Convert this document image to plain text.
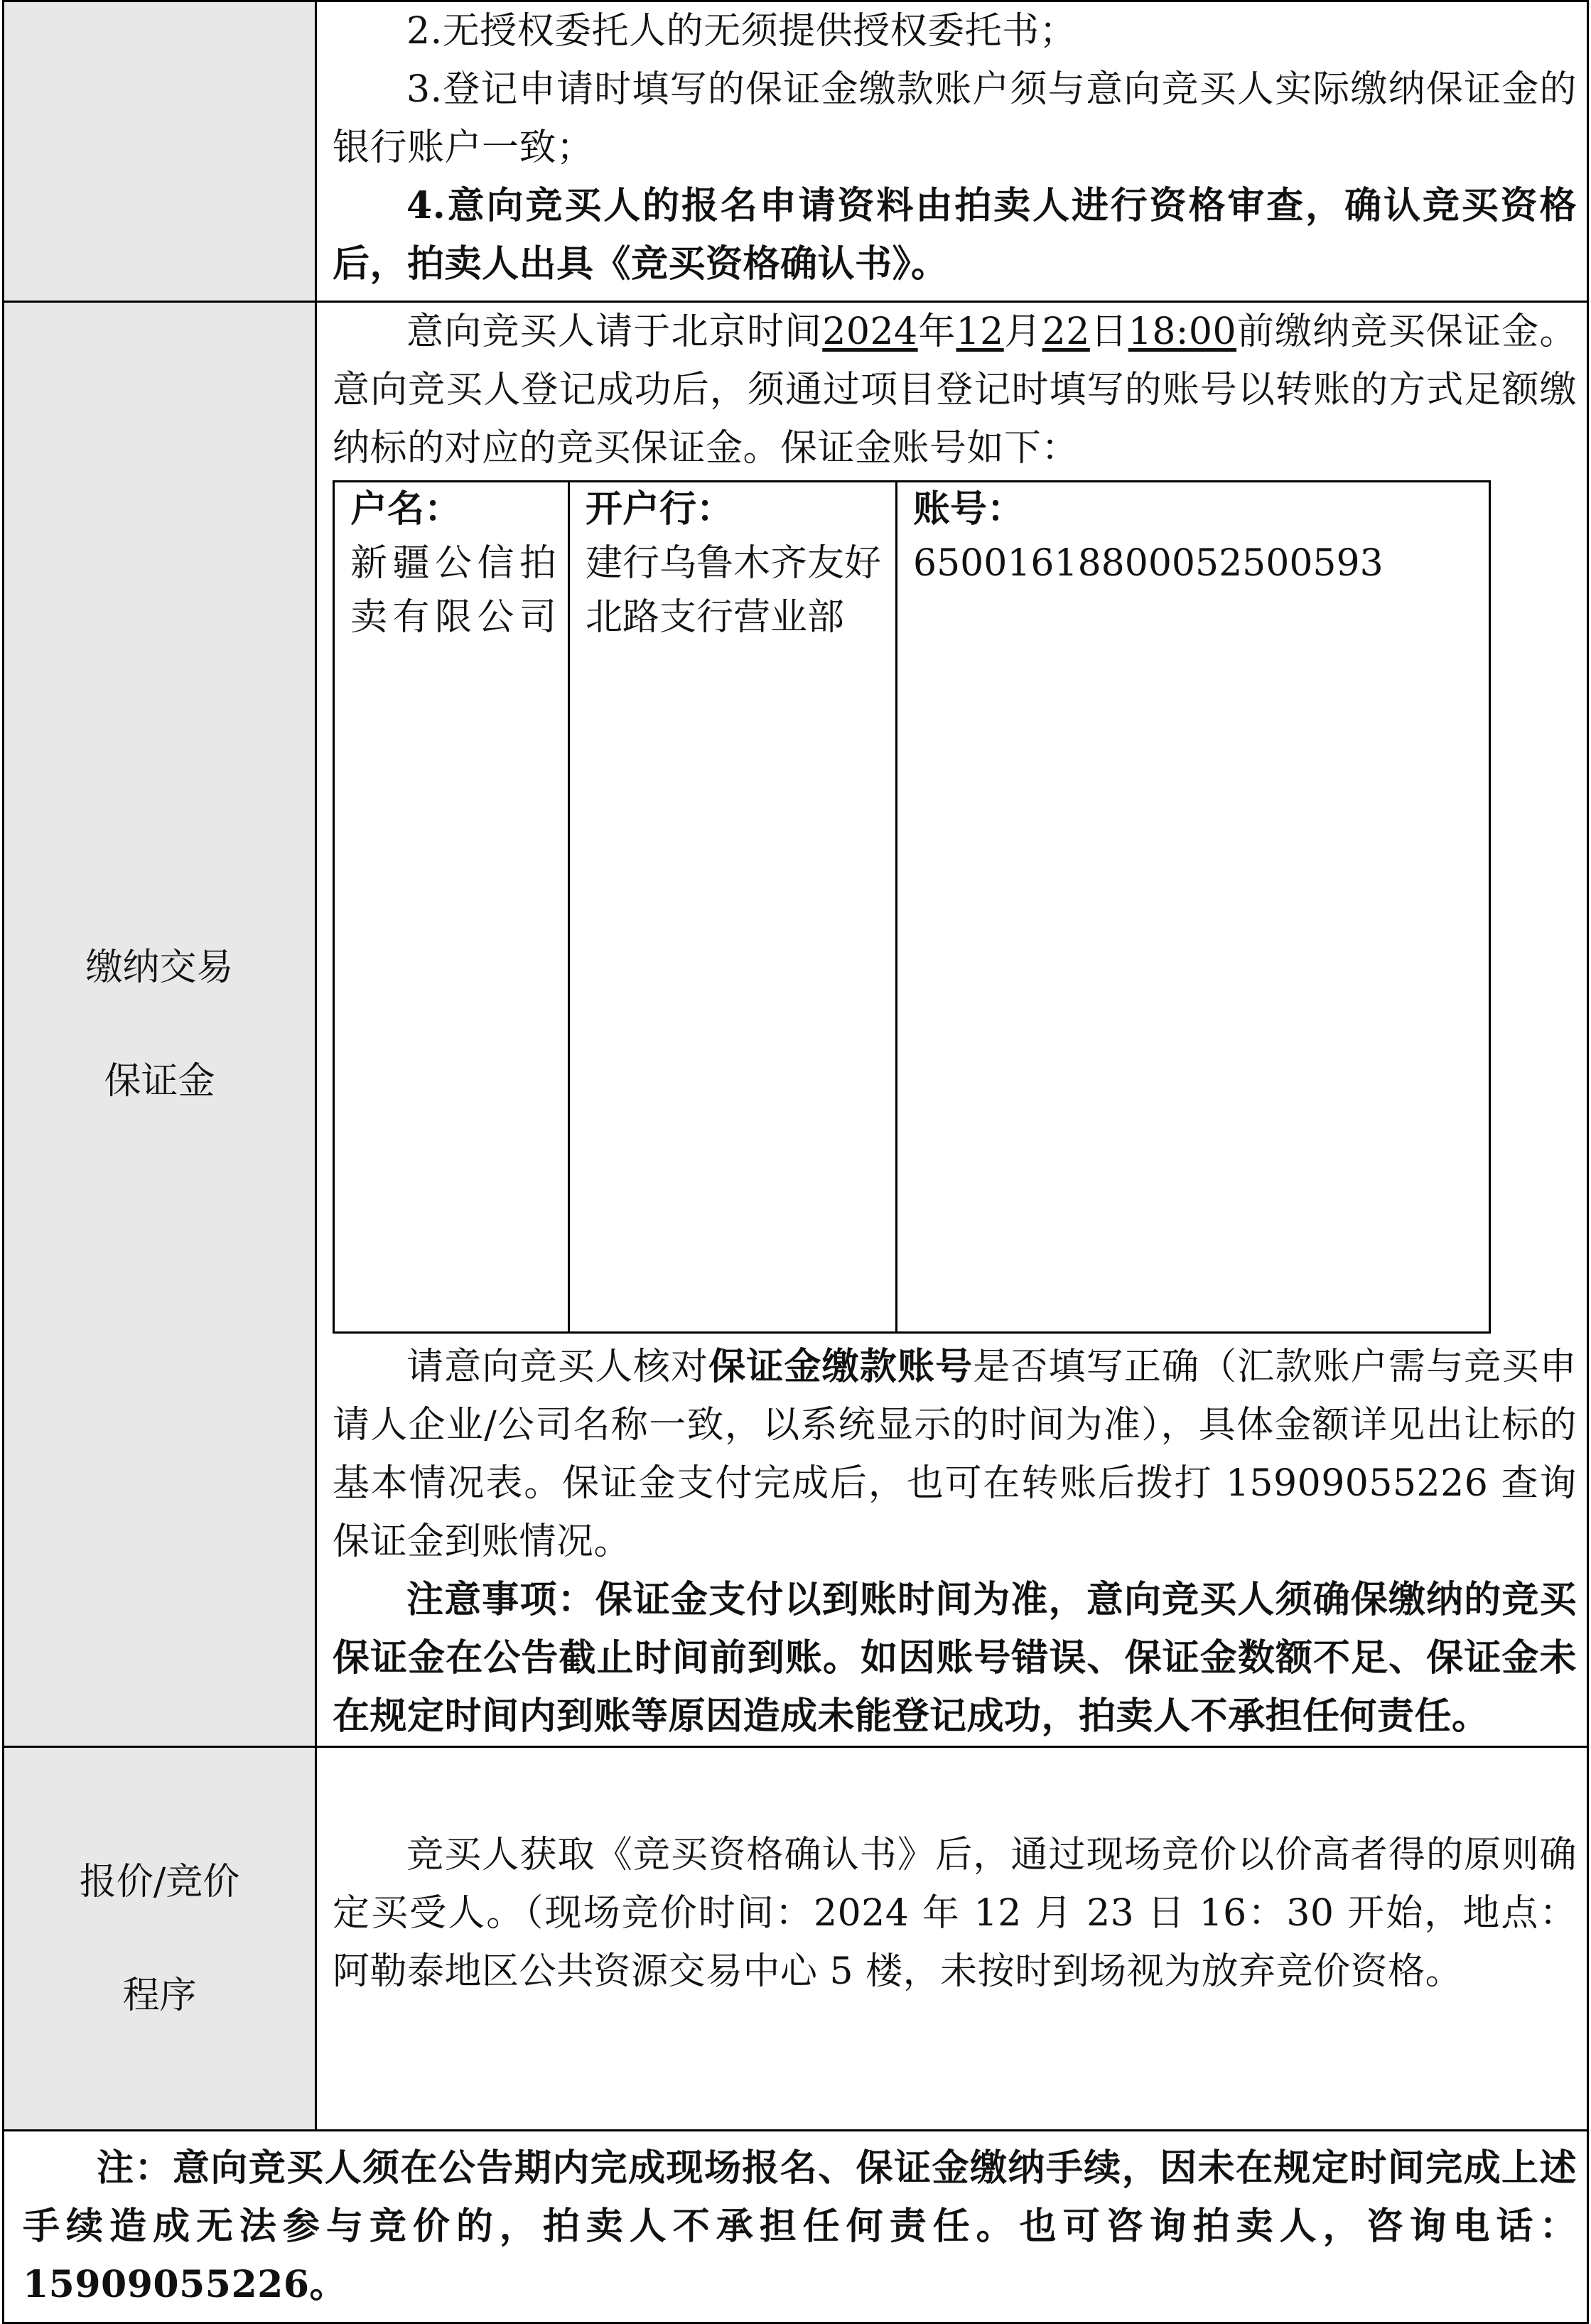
2.无授权委托人的无须提供授权委托书；

3.登记申请时填写的保证金缴款账户须与意向竞买人实际缴纳保证金的银行账户一致；

4.意向竞买人的报名申请资料由拍卖人进行资格审查，确认竞买资格后，拍卖人出具《竞买资格确认书》。

缴纳交易
保证金

意向竞买人请于北京时间2024年12月22日18:00前缴纳竞买保证金。意向竞买人登记成功后，须通过项目登记时填写的账号以转账的方式足额缴纳标的对应的竞买保证金。保证金账号如下：

户名：
新疆公信拍卖有限公司

开户行：
建行乌鲁木齐友好北路支行营业部

账号：
65001618800052500593

请意向竞买人核对保证金缴款账号是否填写正确（汇款账户需与竞买申请人企业/公司名称一致，以系统显示的时间为准），具体金额详见出让标的基本情况表。保证金支付完成后，也可在转账后拨打 15909055226 查询保证金到账情况。

注意事项：保证金支付以到账时间为准，意向竞买人须确保缴纳的竞买保证金在公告截止时间前到账。如因账号错误、保证金数额不足、保证金未在规定时间内到账等原因造成未能登记成功，拍卖人不承担任何责任。

报价/竞价
程序

竞买人获取《竞买资格确认书》后，通过现场竞价以价高者得的原则确定买受人。（现场竞价时间：2024 年 12 月 23 日 16：30 开始，地点：阿勒泰地区公共资源交易中心 5 楼，未按时到场视为放弃竞价资格。

注：意向竞买人须在公告期内完成现场报名、保证金缴纳手续，因未在规定时间完成上述手续造成无法参与竞价的，拍卖人不承担任何责任。也可咨询拍卖人，咨询电话：15909055226。
